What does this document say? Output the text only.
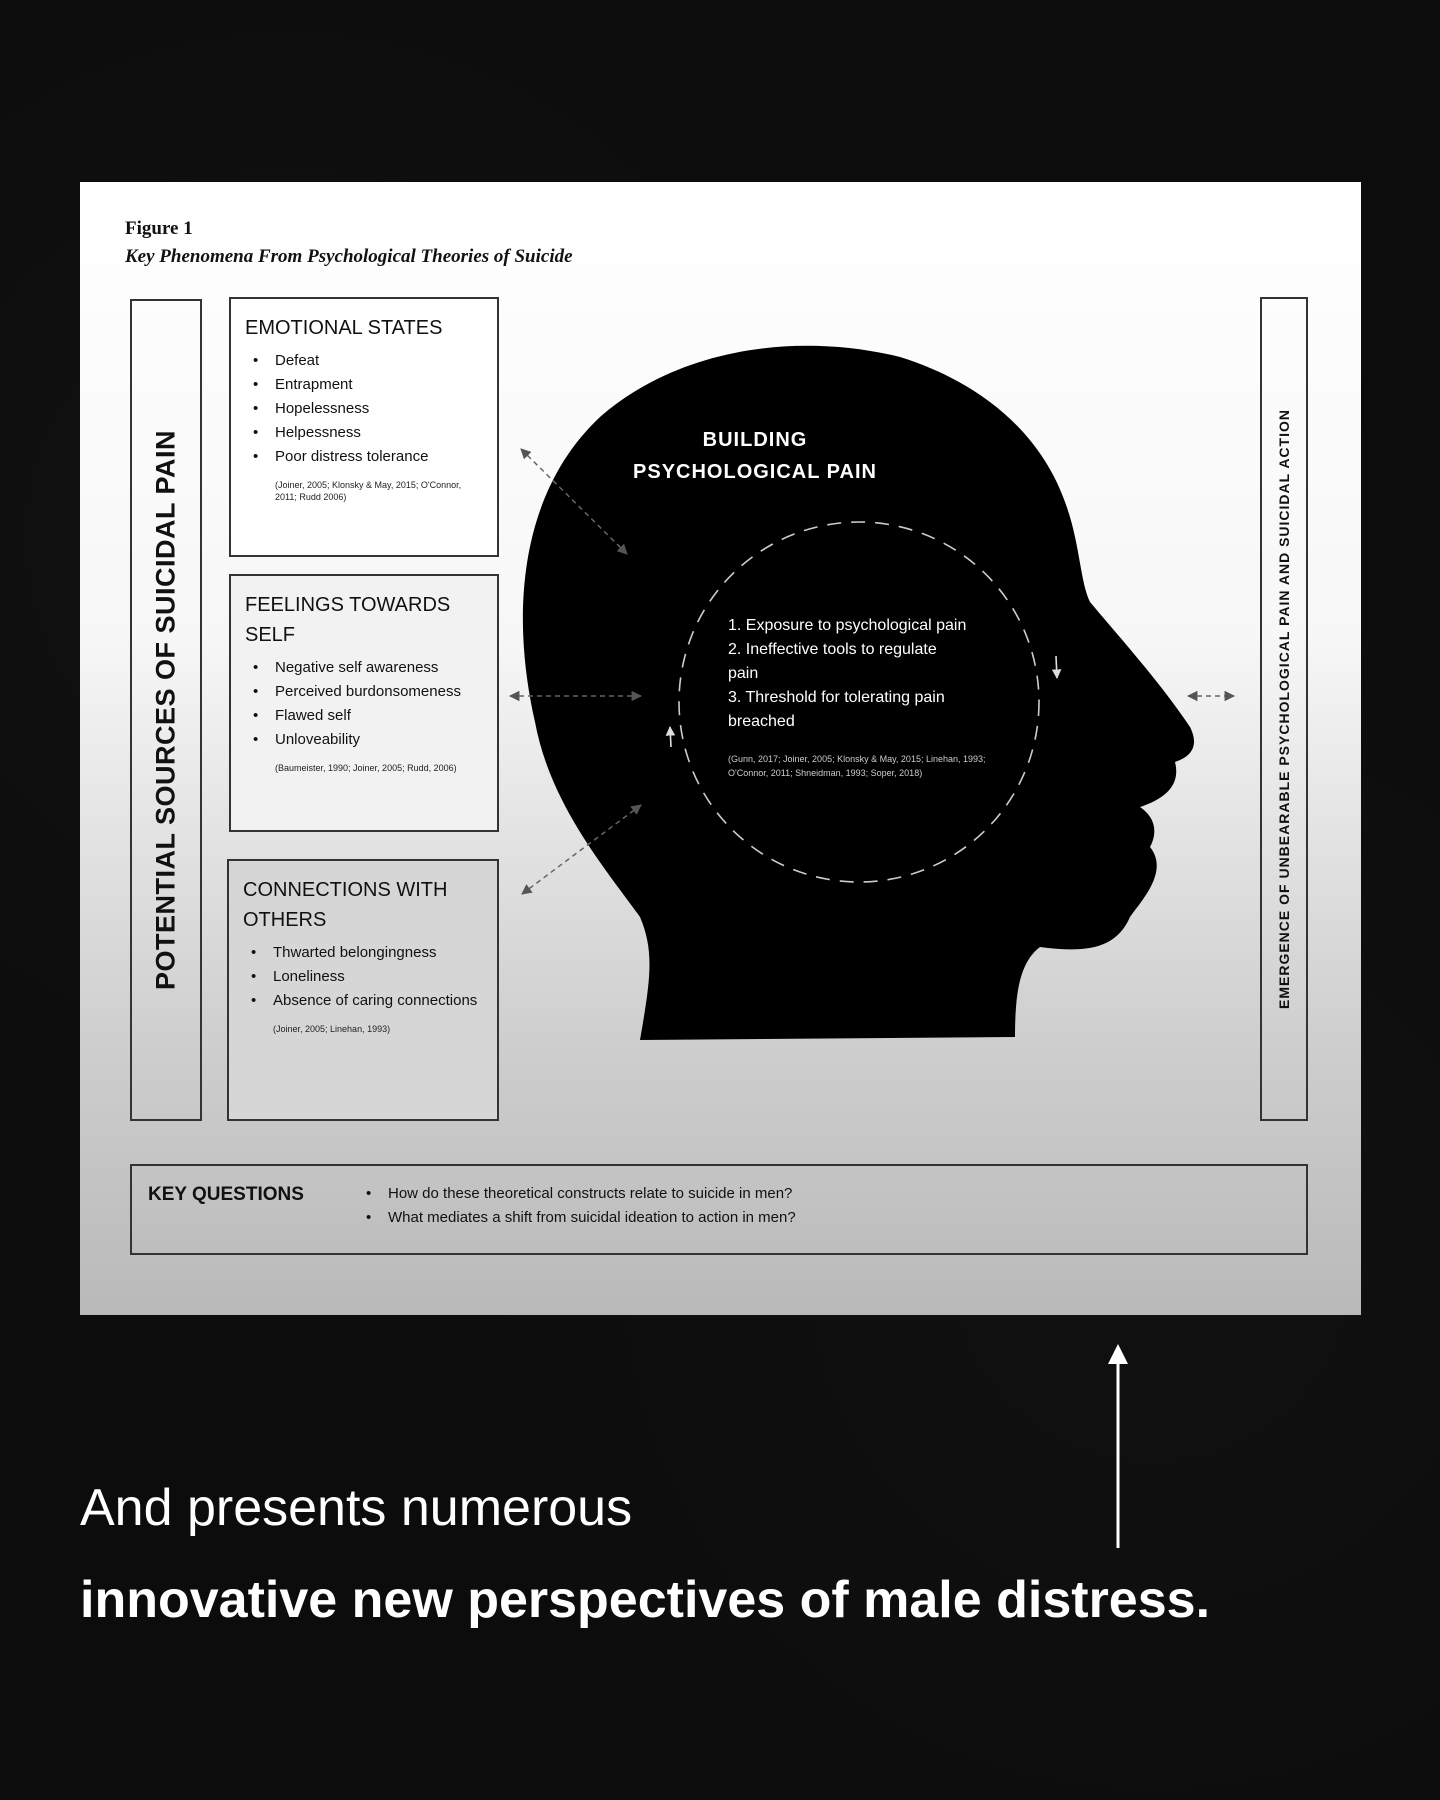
Figure 1
Key Phenomena From Psychological Theories of Suicide
POTENTIAL SOURCES OF SUICIDAL PAIN	EMERGENCE OF UNBEARABLE PSYCHOLOGICAL PAIN AND SUICIDAL ACTION
EMOTIONAL STATES
• Defeat
• Entrapment
• Hopelessness
• Helpessness
• Poor distress tolerance
(Joiner, 2005; Klonsky & May, 2015; O'Connor, 2011; Rudd 2006)
FEELINGS TOWARDS
SELF
• Negative self awareness
• Perceived burdonsomeness
• Flawed self
• Unloveability
(Baumeister, 1990; Joiner, 2005; Rudd, 2006)
CONNECTIONS WITH
OTHERS
• Thwarted belongingness
• Loneliness
• Absence of caring connections
(Joiner, 2005; Linehan, 1993)
BUILDING
PSYCHOLOGICAL PAIN
1. Exposure to psychological pain
2. Ineffective tools to regulate
pain
3. Threshold for tolerating pain
breached
(Gunn, 2017; Joiner, 2005; Klonsky & May, 2015; Linehan, 1993; O'Connor, 2011; Shneidman, 1993; Soper, 2018)
KEY QUESTIONS
•	How do these theoretical constructs relate to suicide in men?
• What mediates a shift from suicidal ideation to action in men?
And presents numerous
innovative new perspectives of male distress.
